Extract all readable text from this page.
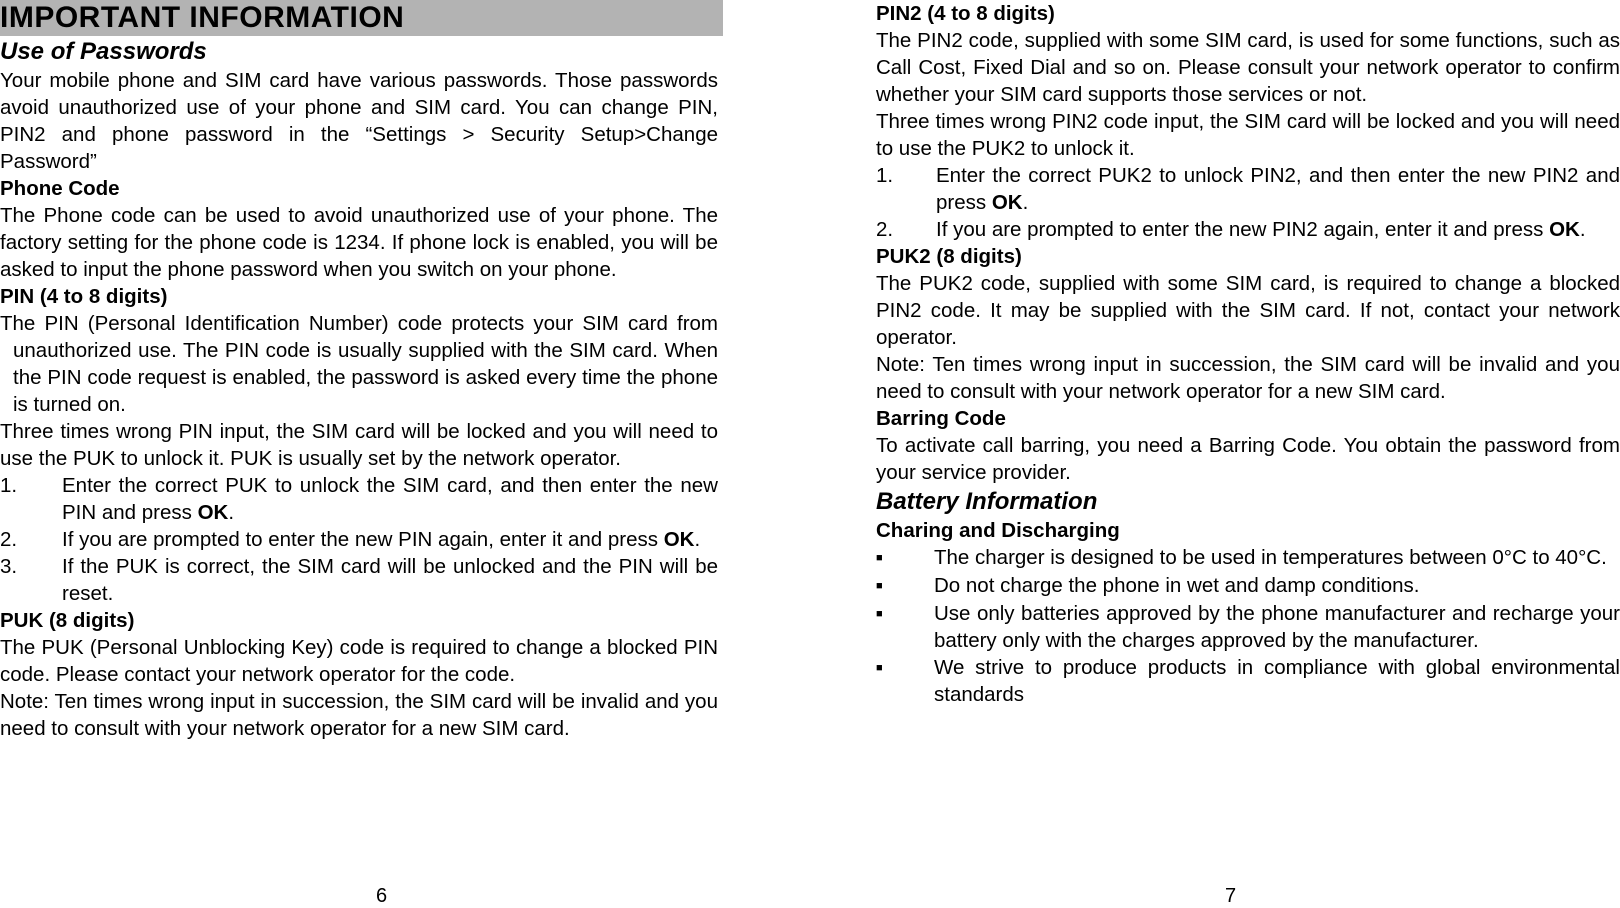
IMPORTANT INFORMATION

Use of Passwords

Your mobile phone and SIM card have various passwords. Those passwords avoid unauthorized use of your phone and SIM card. You can change PIN, PIN2 and phone password in the “Settings > Security Setup>Change Password”

Phone Code

The Phone code can be used to avoid unauthorized use of your phone. The factory setting for the phone code is 1234. If phone lock is enabled, you will be asked to input the phone password when you switch on your phone.

PIN (4 to 8 digits)

The PIN (Personal Identification Number) code protects your SIM card from unauthorized use. The PIN code is usually supplied with the SIM card. When the PIN code request is enabled, the password is asked every time the phone is turned on.

Three times wrong PIN input, the SIM card will be locked and you will need to use the PUK to unlock it. PUK is usually set by the network operator.

1.	Enter the correct PUK to unlock the SIM card, and then enter the new PIN and press OK.
2.	If you are prompted to enter the new PIN again, enter it and press OK.
3.	If the PUK is correct, the SIM card will be unlocked and the PIN will be reset.

PUK (8 digits)

The PUK (Personal Unblocking Key) code is required to change a blocked PIN code. Please contact your network operator for the code.

Note: Ten times wrong input in succession, the SIM card will be invalid and you need to consult with your network operator for a new SIM card.

6

PIN2 (4 to 8 digits)

The PIN2 code, supplied with some SIM card, is used for some functions, such as Call Cost, Fixed Dial and so on. Please consult your network operator to confirm whether your SIM card supports those services or not.

Three times wrong PIN2 code input, the SIM card will be locked and you will need to use the PUK2 to unlock it.

1.	Enter the correct PUK2 to unlock PIN2, and then enter the new PIN2 and press OK.
2.	If you are prompted to enter the new PIN2 again, enter it and press OK.

PUK2 (8 digits)

The PUK2 code, supplied with some SIM card, is required to change a blocked PIN2 code. It may be supplied with the SIM card. If not, contact your network operator.

Note: Ten times wrong input in succession, the SIM card will be invalid and you need to consult with your network operator for a new SIM card.

Barring Code

To activate call barring, you need a Barring Code. You obtain the password from your service provider.

Battery Information

Charing and Discharging

■	The charger is designed to be used in temperatures between 0°C to 40°C.
■	Do not charge the phone in wet and damp conditions.
■	Use only batteries approved by the phone manufacturer and recharge your battery only with the charges approved by the manufacturer.
■	We strive to produce products in compliance with global environmental standards
7
